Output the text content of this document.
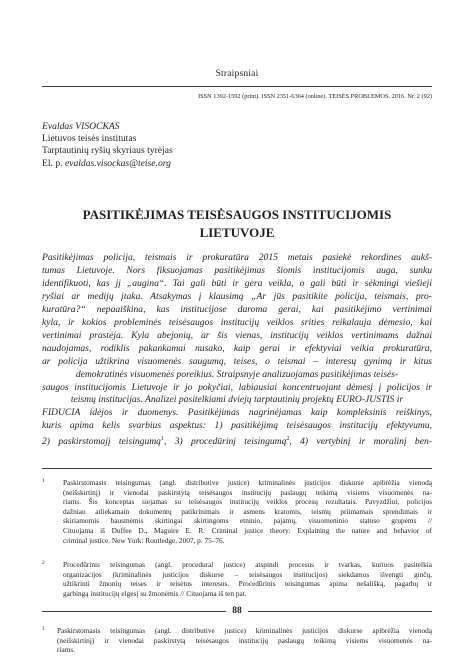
Straipsniai
ISSN 1392-1592 (print). ISSN 2351-6364 (online). TEISĖS PROBLEMOS. 2016. Nr. 2 (92)
Evaldas VISOCKAS
Lietuvos teisės institutas
Tarptautinių ryšių skyriaus tyrėjas
El. p. evaldas.visockas@teise.org
PASITIKĖJIMAS TEISĖSAUGOS INSTITUCIJOMIS
LIETUVOJE
Pasitikėjimas policija, teismais ir prokuratūra 2015 metais pasiekė rekordines aukš-
tumas Lietuvoje. Nors fiksuojamas pasitikėjimas šiomis institucijomis auga, sunku
identifikuoti, kas jį „augina“. Tai gali būti ir gera veikla, o gali būti ir sėkmingi viešieji
ryšiai ar medijų įtaka. Atsakymas į klausimą „Ar jūs pasitikite policija, teismais, pro-
kuratūra?“ nepaaiškina, kas institucijose daroma gerai, kai pasitikėjimo vertinimai
kyla, ir kokios probleminės teisėsaugos institucijų veiklos srities reikalauja dėmesio, kai
vertinimai prastėja. Kyla abejonių, ar šis vienas, institucijų veiklos vertinimams dažnai
naudojamas, rodiklis pakankamai nusako, kaip gerai ir efektyviai veikia prokuratūra,
ar policija užtikrina visuomenės saugumą, teises, o teismai – interesų gynimą ir kitus
demokratinės visuomenės poreikius. Straipsnyje analizuojamas pasitikėjimas teisės-
saugos institucijomis Lietuvoje ir jo pokyčiai, labiausiai koncentruojant dėmesį į policijos ir
teismų institucijas. Analizei pasitelkiami dviejų tarptautinių projektų EURO-JUSTIS ir
FIDUCIA idėjos ir duomenys. Pasitikėjimas nagrinėjamas kaip kompleksinis reiškinys,
kuris apima kelis svarbius aspektus: 1) pasitikėjimą teisėsaugos institucijų efektyvumu,
2) paskirstomajį teisingumą$^1$, 3) procedūrinį teisingumą$^2$, 4) vertybinį ir moralinį ben-
1	Paskirstomasis teisingumas (angl. distributive justice) kriminalinės justicijos diskurse apibrėžia vienodą
(neišskirtinį) ir vienodai paskirstytą teisėsaugos institucijų paslaugų teikimą visiems visuomenės na-
riams. Šis konceptas siejamas su teisėsaugos institucijų veiklos procesų rezultatais. Pavyzdžiui, policijos
dažniau atliekamain dokumentų patikrinimais ir asmens kratomis, teismų priimamais sprendimais ir
skiriamomis bausmėmis skirtingai skirtingoms etninio, pajamų, visuomeninio statuso grupėms //
Cituojama iš Duffee D., Maguire E. R. Criminal justice theory: Explaining the nature and behavior of
criminal justice. New York: Routledge, 2007, p. 75–76.
2	Procedūrinis teisingumas (angl. procedural justice) atspindi procesus ir tvarkas, kuriuos pasitelkia
organizacijos (kriminalinės justicijos diskurse – teisėsaugos institucijos) siekdamos išvengti ginčų,
užtikrinti žmonių teises ir teisėtus interesus. Procedūrinis teisingumas apima nešališką, pagarbų ir
garbingą institucijų elgesį su žmonėmis // Cituojama iš ten pat.
88
1	Paskirstomasis teisingumas (angl. distributive justice) kriminalinės justicijos diskurse apibrėžia vienodą
(neišskirtinį) ir vienodai paskirstytą teisėsaugos institucijų paslaugų teikimą visiems visuomenės na-
riams.
